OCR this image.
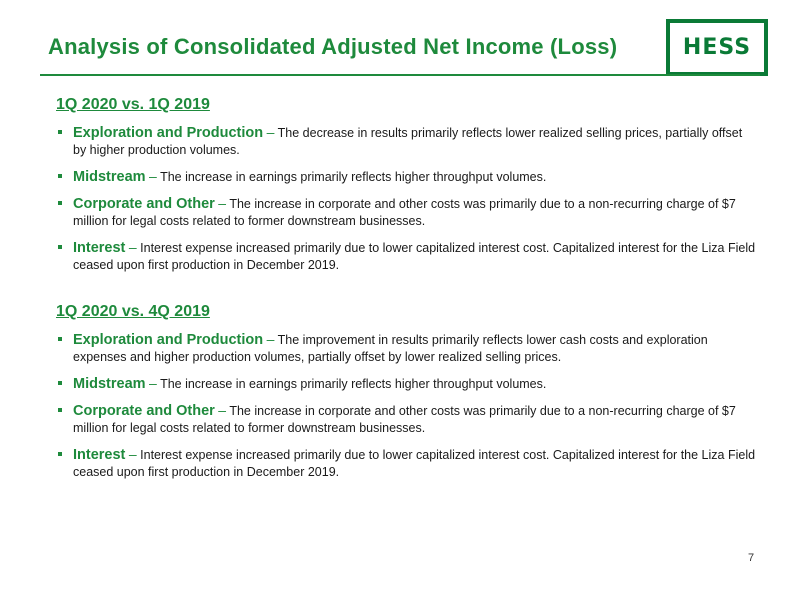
Analysis of Consolidated Adjusted Net Income (Loss)	HESS
1Q 2020 vs. 1Q 2019
Exploration and Production – The decrease in results primarily reflects lower realized selling prices, partially offset by higher production volumes.
Midstream – The increase in earnings primarily reflects higher throughput volumes.
Corporate and Other – The increase in corporate and other costs was primarily due to a non-recurring charge of $7 million for legal costs related to former downstream businesses.
Interest – Interest expense increased primarily due to lower capitalized interest cost. Capitalized interest for the Liza Field ceased upon first production in December 2019.
1Q 2020 vs. 4Q 2019
Exploration and Production – The improvement in results primarily reflects lower cash costs and exploration expenses and higher production volumes, partially offset by lower realized selling prices.
Midstream – The increase in earnings primarily reflects higher throughput volumes.
Corporate and Other – The increase in corporate and other costs was primarily due to a non-recurring charge of $7 million for legal costs related to former downstream businesses.
Interest – Interest expense increased primarily due to lower capitalized interest cost. Capitalized interest for the Liza Field ceased upon first production in December 2019.
7
